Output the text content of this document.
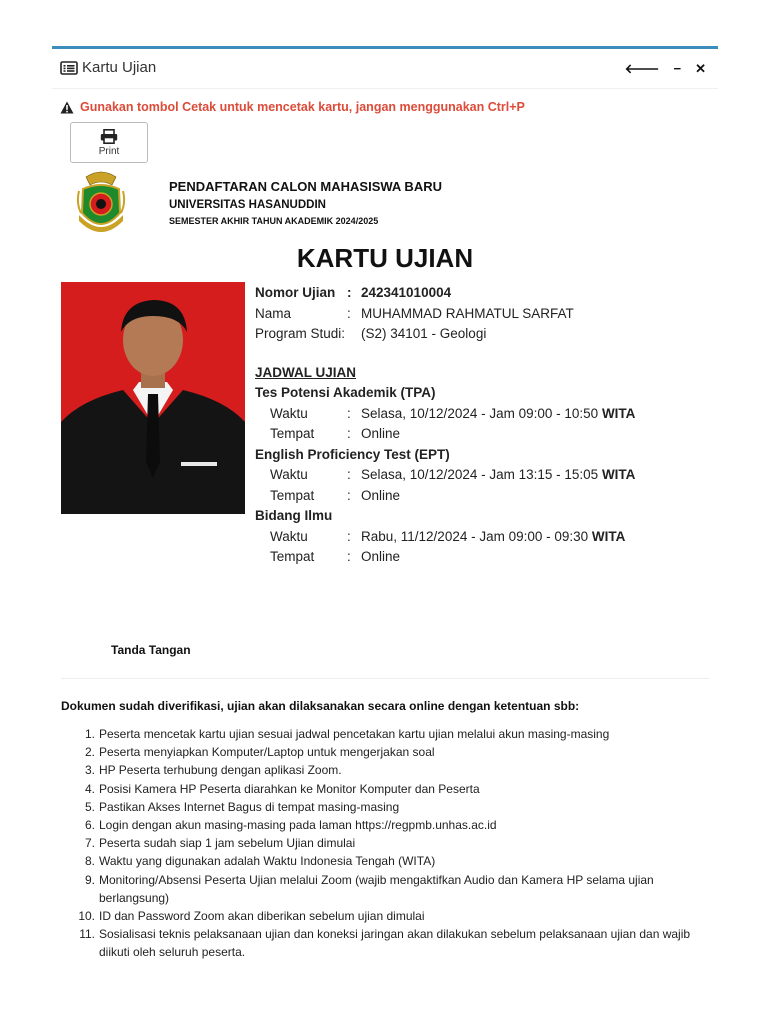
Kartu Ujian	🡐 − ✕
Gunakan tombol Cetak untuk mencetak kartu, jangan menggunakan Ctrl+P
Print
PENDAFTARAN CALON MAHASISWA BARU
UNIVERSITAS HASANUDDIN
SEMESTER AKHIR TAHUN AKADEMIK 2024/2025
KARTU UJIAN
Nomor Ujian : 242341010004
Nama	: MUHAMMAD RAHMATUL SARFAT
Program Studi:	(S2) 34101 - Geologi
JADWAL UJIAN
Tes Potensi Akademik (TPA)
Waktu	: Selasa, 10/12/2024 - Jam 09:00 - 10:50 WITA
Tempat	: Online
English Proficiency Test (EPT)
Waktu	: Selasa, 10/12/2024 - Jam 13:15 - 15:05 WITA
Tempat	: Online
Bidang Ilmu
Waktu	: Rabu, 11/12/2024 - Jam 09:00 - 09:30 WITA
Tempat	: Online
Tanda Tangan
Dokumen sudah diverifikasi, ujian akan dilaksanakan secara online dengan ketentuan sbb:
1. Peserta mencetak kartu ujian sesuai jadwal pencetakan kartu ujian melalui akun masing-masing
2. Peserta menyiapkan Komputer/Laptop untuk mengerjakan soal
3. HP Peserta terhubung dengan aplikasi Zoom.
4. Posisi Kamera HP Peserta diarahkan ke Monitor Komputer dan Peserta
5. Pastikan Akses Internet Bagus di tempat masing-masing
6. Login dengan akun masing-masing pada laman https://regpmb.unhas.ac.id
7. Peserta sudah siap 1 jam sebelum Ujian dimulai
8. Waktu yang digunakan adalah Waktu Indonesia Tengah (WITA)
9. Monitoring/Absensi Peserta Ujian melalui Zoom (wajib mengaktifkan Audio dan Kamera HP selama ujian berlangsung)
10. ID dan Password Zoom akan diberikan sebelum ujian dimulai
11. Sosialisasi teknis pelaksanaan ujian dan koneksi jaringan akan dilakukan sebelum pelaksanaan ujian dan wajib diikuti oleh seluruh peserta.
